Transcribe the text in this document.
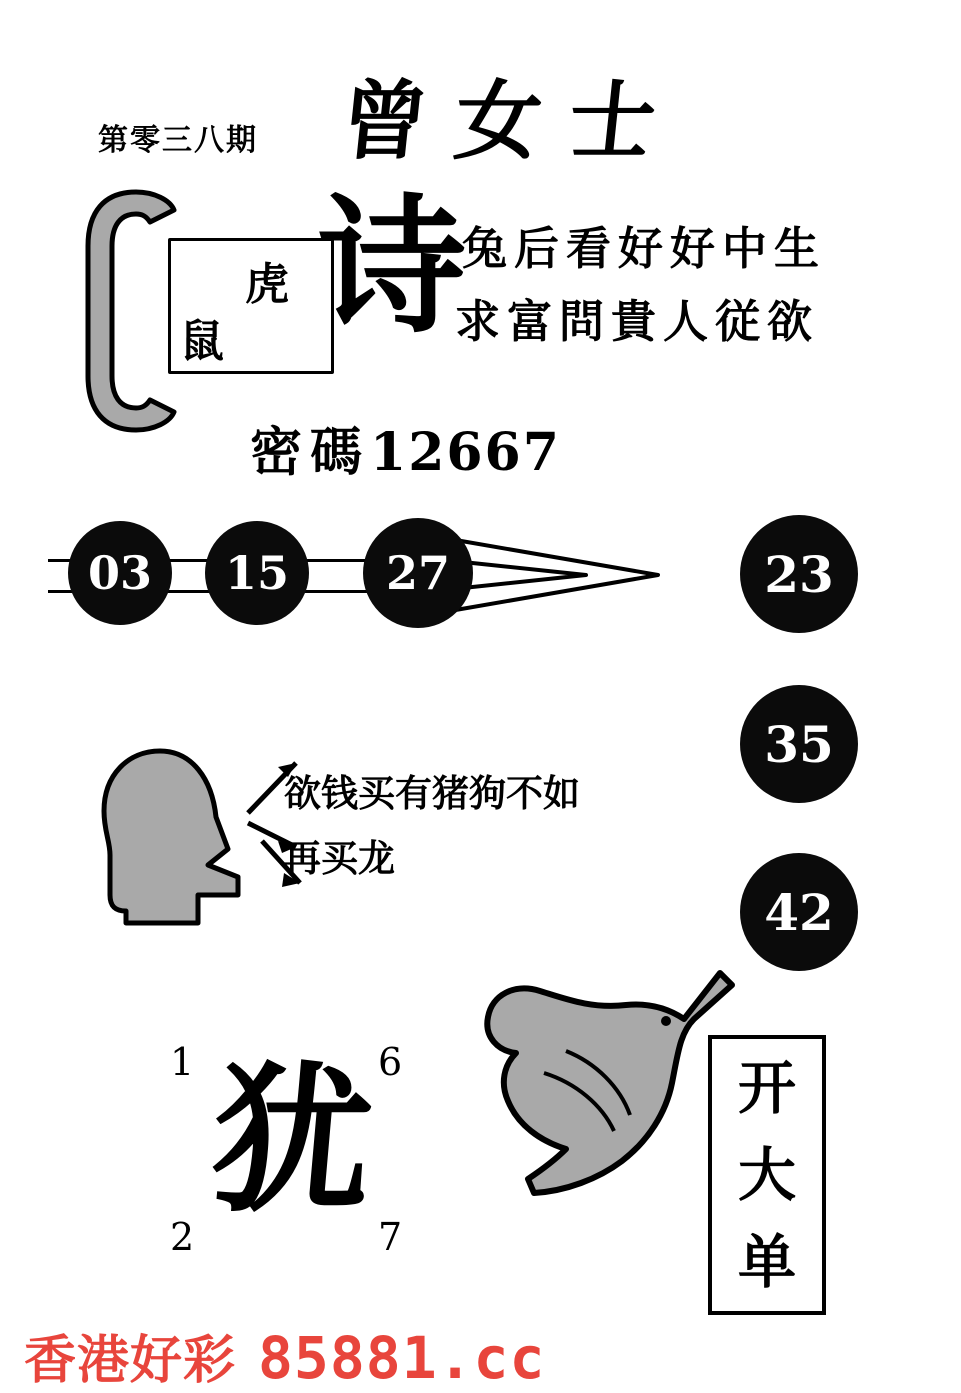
第零三八期 曾女士
虎
鼠 诗
兔后看好好中生
求富問貴人従欲
密碼12667
03	15	27	23
35
42
欲钱买有猪狗不如
再买龙
1	6
2	7
犹	开
大
单
香港好彩 85881.cc
